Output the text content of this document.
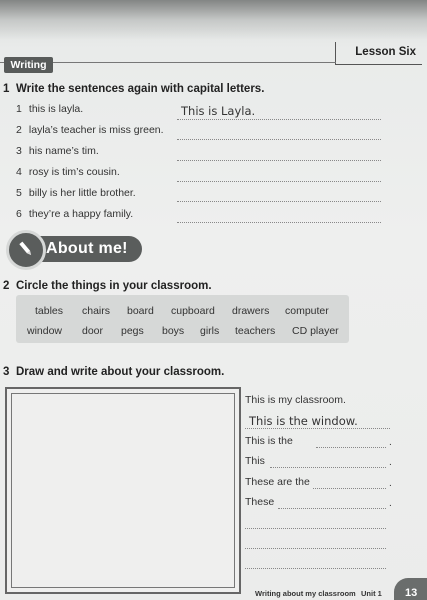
Lesson Six
Writing
1 Write the sentences again with capital letters.
1 this is layla.	This is Layla.
2 layla’s teacher is miss green.
3 his name’s tim.
4 rosy is tim’s cousin.
5 billy is her little brother.
6 they’re a happy family.
About me!
2 Circle the things in your classroom.
tables chairs board cupboard drawers computer
window door pegs boys girls teachers CD player
3 Draw and write about your classroom.
This is my classroom.
This is the window.
This is the	.
This	.
These are the	.
These	.
Writing about my classroom Unit 1 13
